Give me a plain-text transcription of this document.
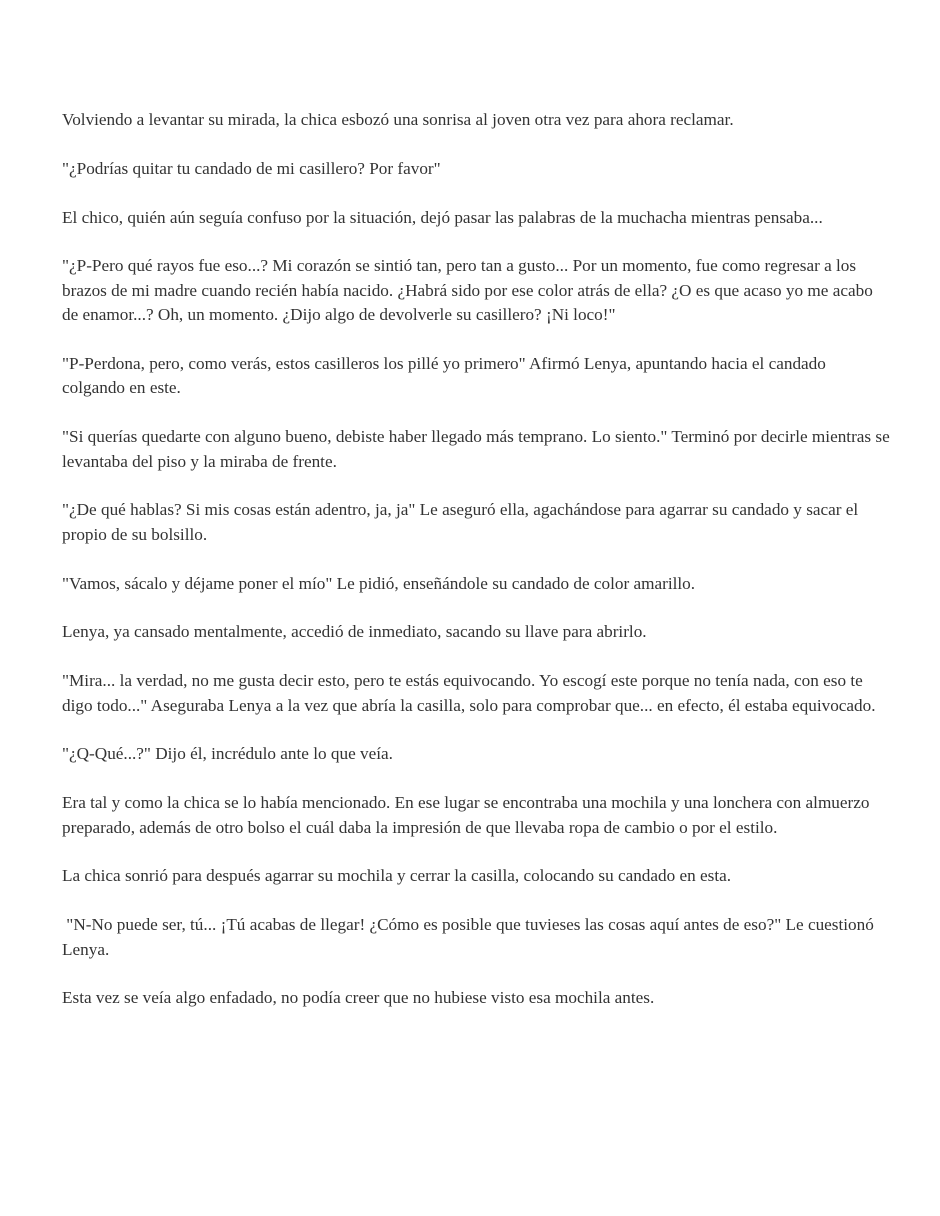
Volviendo a levantar su mirada, la chica esbozó una sonrisa al joven otra vez para ahora reclamar.

"¿Podrías quitar tu candado de mi casillero? Por favor"

El chico, quién aún seguía confuso por la situación, dejó pasar las palabras de la muchacha mientras pensaba...

"¿P-Pero qué rayos fue eso...? Mi corazón se sintió tan, pero tan a gusto... Por un momento, fue como regresar a los brazos de mi madre cuando recién había nacido. ¿Habrá sido por ese color atrás de ella? ¿O es que acaso yo me acabo de enamor...? Oh, un momento. ¿Dijo algo de devolverle su casillero? ¡Ni loco!"

"P-Perdona, pero, como verás, estos casilleros los pillé yo primero" Afirmó Lenya, apuntando hacia el candado colgando en este.

"Si querías quedarte con alguno bueno, debiste haber llegado más temprano. Lo siento." Terminó por decirle mientras se levantaba del piso y la miraba de frente.

"¿De qué hablas? Si mis cosas están adentro, ja, ja" Le aseguró ella, agachándose para agarrar su candado y sacar el propio de su bolsillo.

"Vamos, sácalo y déjame poner el mío" Le pidió, enseñándole su candado de color amarillo.

Lenya, ya cansado mentalmente, accedió de inmediato, sacando su llave para abrirlo.

"Mira... la verdad, no me gusta decir esto, pero te estás equivocando. Yo escogí este porque no tenía nada, con eso te digo todo..." Aseguraba Lenya a la vez que abría la casilla, solo para comprobar que... en efecto, él estaba equivocado.

"¿Q-Qué...?" Dijo él, incrédulo ante lo que veía.

Era tal y como la chica se lo había mencionado. En ese lugar se encontraba una mochila y una lonchera con almuerzo preparado, además de otro bolso el cuál daba la impresión de que llevaba ropa de cambio o por el estilo.

La chica sonrió para después agarrar su mochila y cerrar la casilla, colocando su candado en esta.

"N-No puede ser, tú... ¡Tú acabas de llegar! ¿Cómo es posible que tuvieses las cosas aquí antes de eso?" Le cuestionó Lenya.

Esta vez se veía algo enfadado, no podía creer que no hubiese visto esa mochila antes.
